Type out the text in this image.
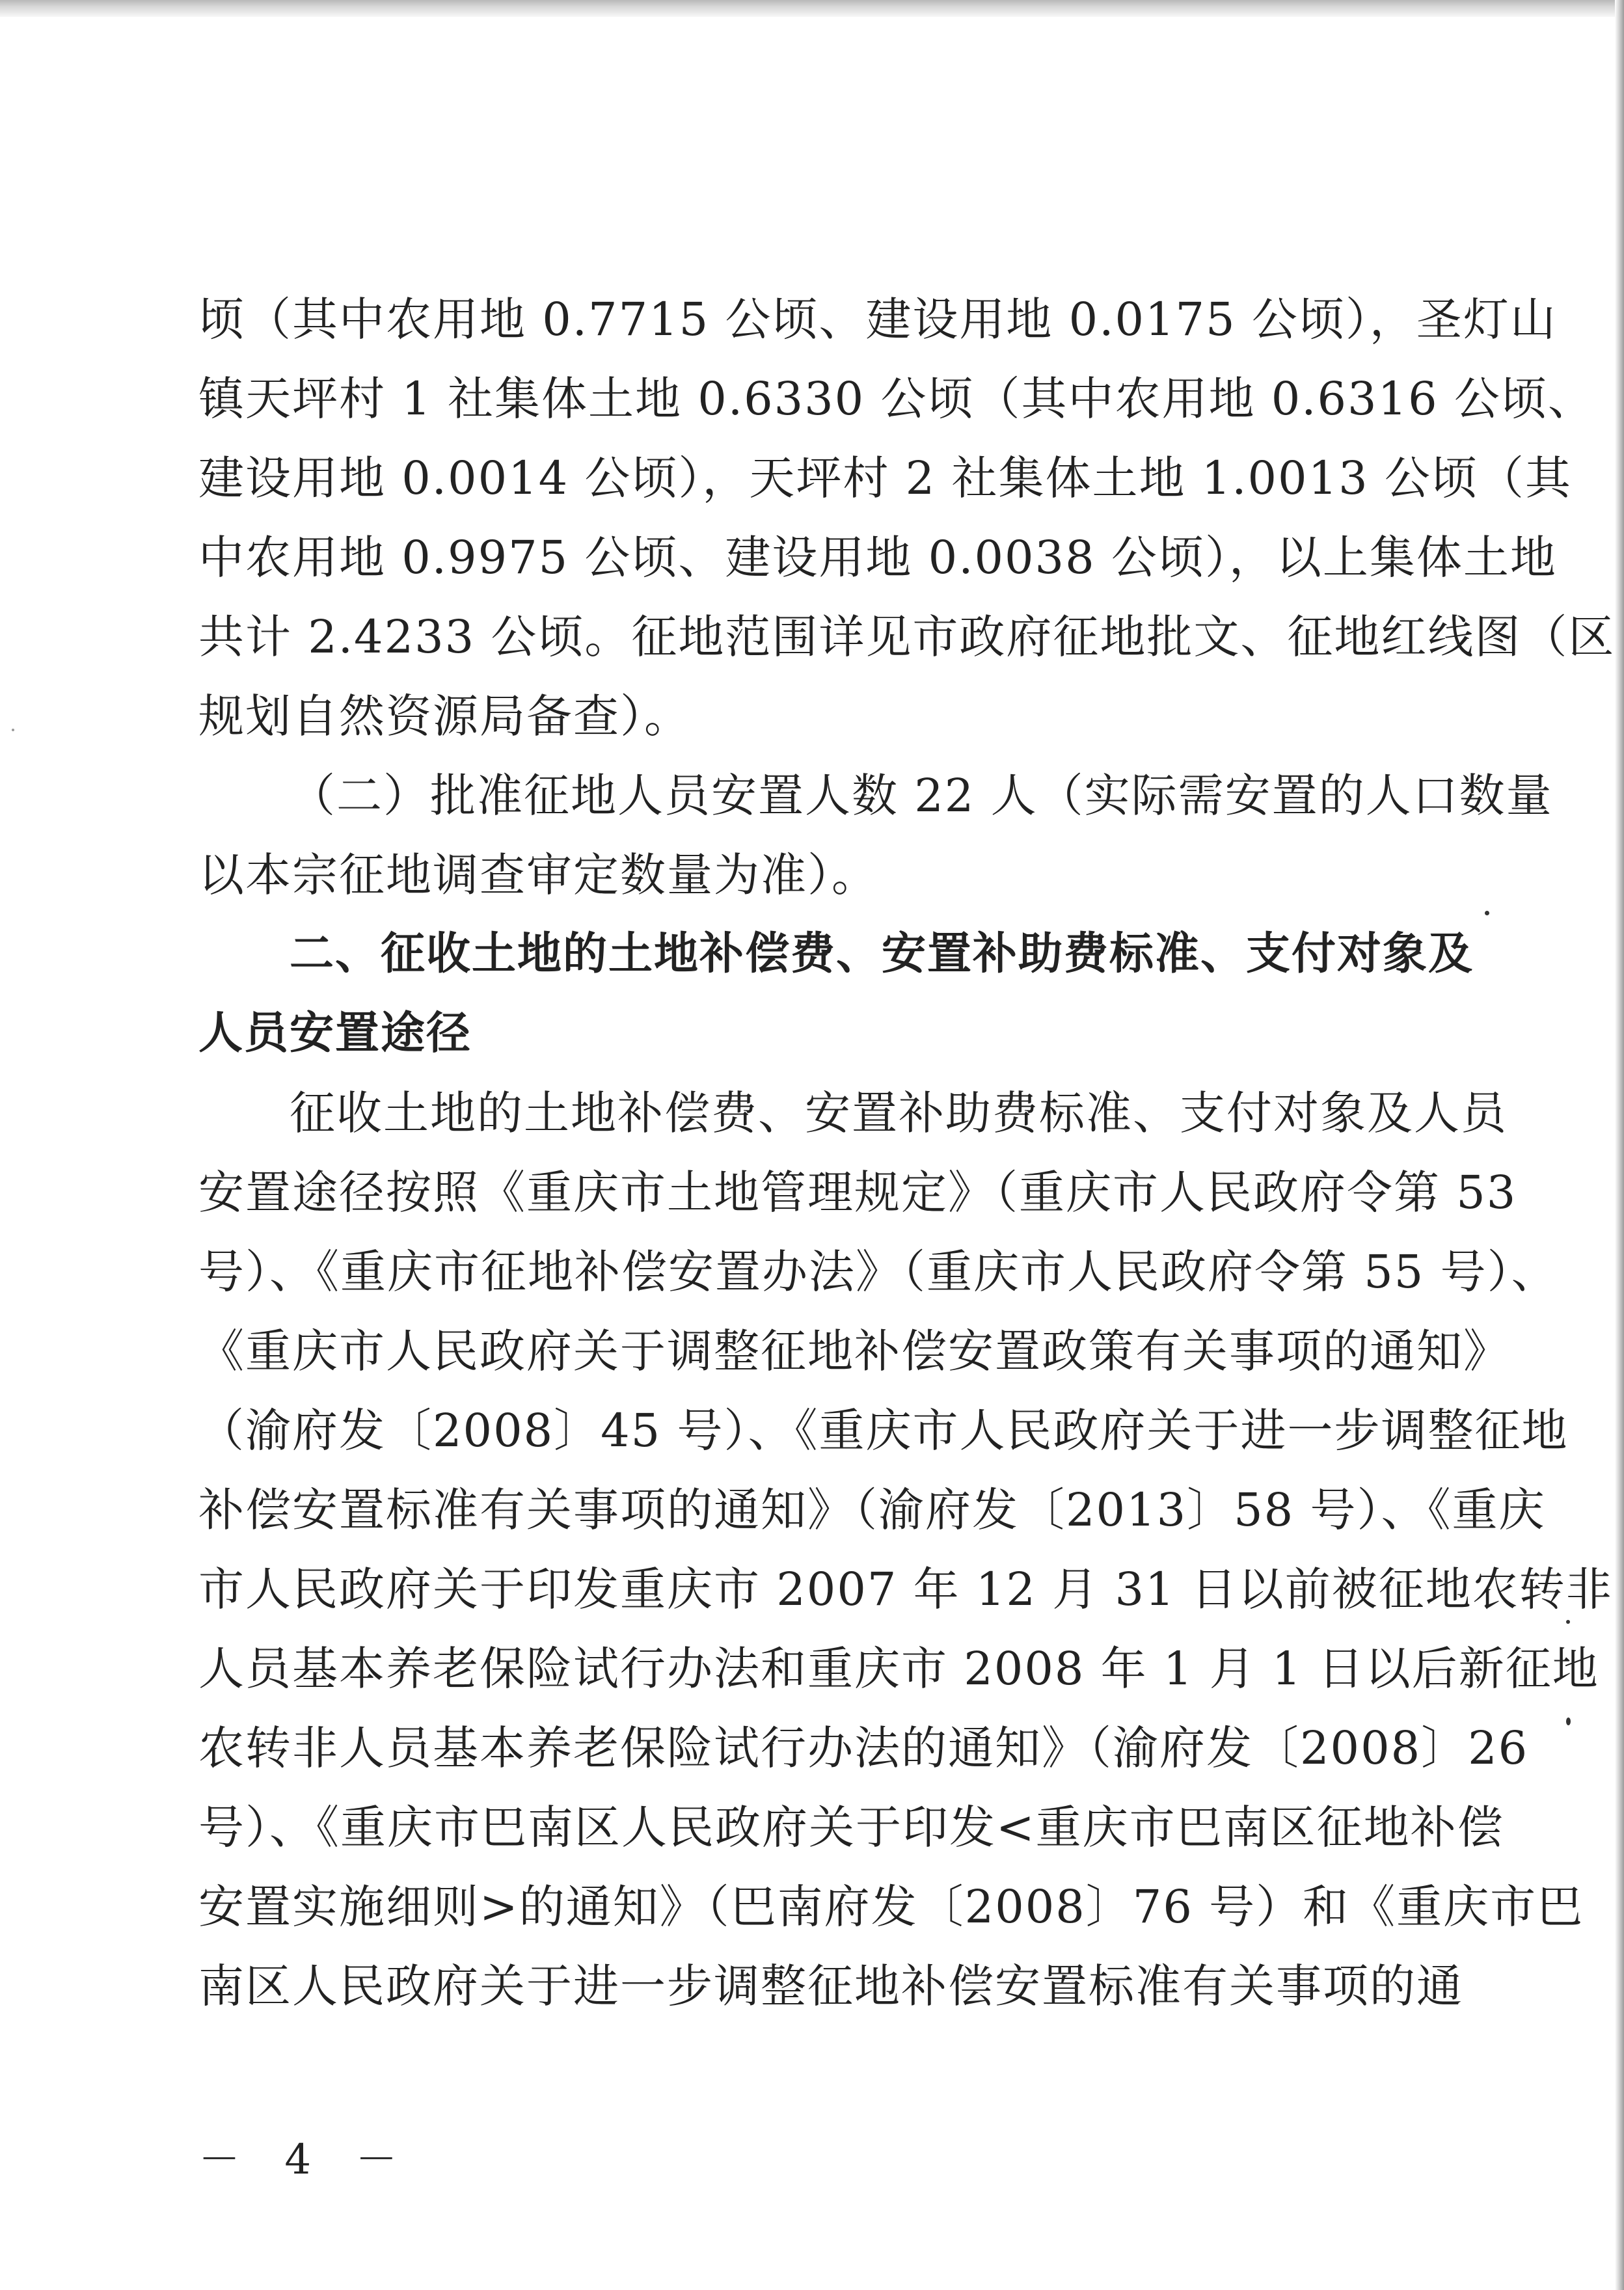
顷（其中农用地 0.7715 公顷、建设用地 0.0175 公顷），圣灯山
镇天坪村 1 社集体土地 0.6330 公顷（其中农用地 0.6316 公顷、
建设用地 0.0014 公顷），天坪村 2 社集体土地 1.0013 公顷（其
中农用地 0.9975 公顷、建设用地 0.0038 公顷），以上集体土地
共计 2.4233 公顷。征地范围详见市政府征地批文、征地红线图（区
规划自然资源局备查）。
（二）批准征地人员安置人数 22 人（实际需安置的人口数量
以本宗征地调查审定数量为准）。
二、征收土地的土地补偿费、安置补助费标准、支付对象及
人员安置途径
征收土地的土地补偿费、安置补助费标准、支付对象及人员
安置途径按照《重庆市土地管理规定》（重庆市人民政府令第 53
号）、《重庆市征地补偿安置办法》（重庆市人民政府令第 55 号）、
《重庆市人民政府关于调整征地补偿安置政策有关事项的通知》
（渝府发〔2008〕45 号）、《重庆市人民政府关于进一步调整征地
补偿安置标准有关事项的通知》（渝府发〔2013〕58 号）、《重庆
市人民政府关于印发重庆市 2007 年 12 月 31 日以前被征地农转非
人员基本养老保险试行办法和重庆市 2008 年 1 月 1 日以后新征地
农转非人员基本养老保险试行办法的通知》（渝府发〔2008〕26
号）、《重庆市巴南区人民政府关于印发<重庆市巴南区征地补偿
安置实施细则>的通知》（巴南府发〔2008〕76 号）和《重庆市巴
南区人民政府关于进一步调整征地补偿安置标准有关事项的通
－ 4 －
